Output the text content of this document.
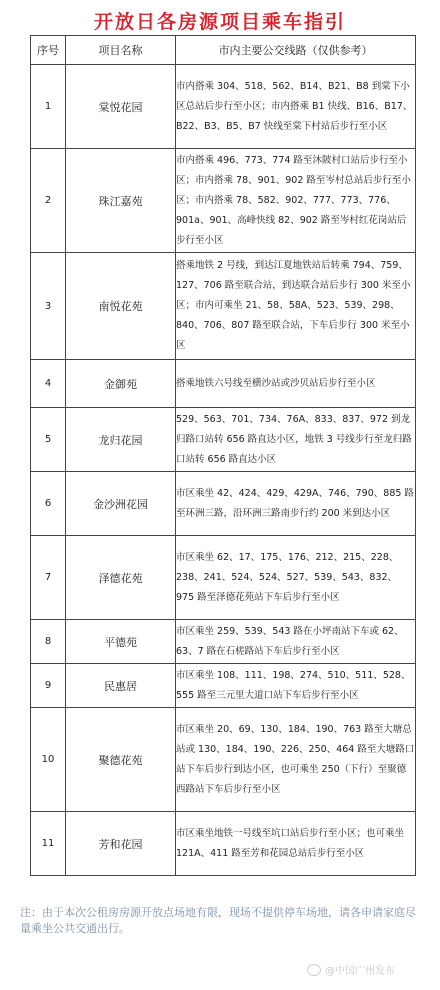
开放日各房源项目乘车指引
序号	项目名称	市内主要公交线路（仅供参考）
1	棠悦花园	市内搭乘 304、518、562、B14、B21、B8 到棠下小区总站后步行至小区；市内搭乘 B1 快线、B16、B17、B22、B3、B5、B7 快线至棠下村站后步行至小区
2	珠江嘉苑	市内搭乘 496、773、774 路至沐陂村口站后步行至小区；市内搭乘 78、901、902 路至岑村总站后步行至小区；市内搭乘 78、582、902、777、773、776、901a、901、高峰快线 82、902 路至岑村红花岗站后步行至小区
3	南悦花苑	搭乘地铁 2 号线，到达江夏地铁站后转乘 794、759、127、706 路至联合站，到达联合站后步行 300 米至小区；市内可乘坐 21、58、58A、523、539、298、840、706、807 路至联合站，下车后步行 300 米至小区
4	金御苑	搭乘地铁六号线至横沙站或沙贝站后步行至小区
5	龙归花园	529、563、701、734、76A、833、837、972 到龙归路口站转 656 路直达小区，地铁 3 号线步行至龙归路口站转 656 路直达小区
6	金沙洲花园	市区乘坐 42、424、429、429A、746、790、885 路至环洲三路，沿环洲三路南步行约 200 米到达小区
7	泽德花苑	市区乘坐 62、17、175、176、212、215、228、238、241、524、524、527、539、543、832、975 路至泽德花苑站下车后步行至小区
8	平德苑	市区乘坐 259、539、543 路在小坪南站下车或 62、63、7 路在石槎路站下车后步行至小区
9	民惠居	市区乘坐 108、111、198、274、510、511、528、555 路至三元里大道口站下车后步行至小区
10	聚德花苑	市区乘坐 20、69、130、184、190、763 路至大塘总站或 130、184、190、226、250、464 路至大塘路口站下车后步行到达小区，也可乘坐 250（下行）至聚德西路站下车后步行至小区
11	芳和花园	市区乘坐地铁一号线至坑口站后步行至小区；也可乘坐 121A、411 路至芳和花园总站后步行至小区
注：由于本次公租房房源开放点场地有限，现场不提供停车场地，请各申请家庭尽量乘坐公共交通出行。
@中国广州发布
